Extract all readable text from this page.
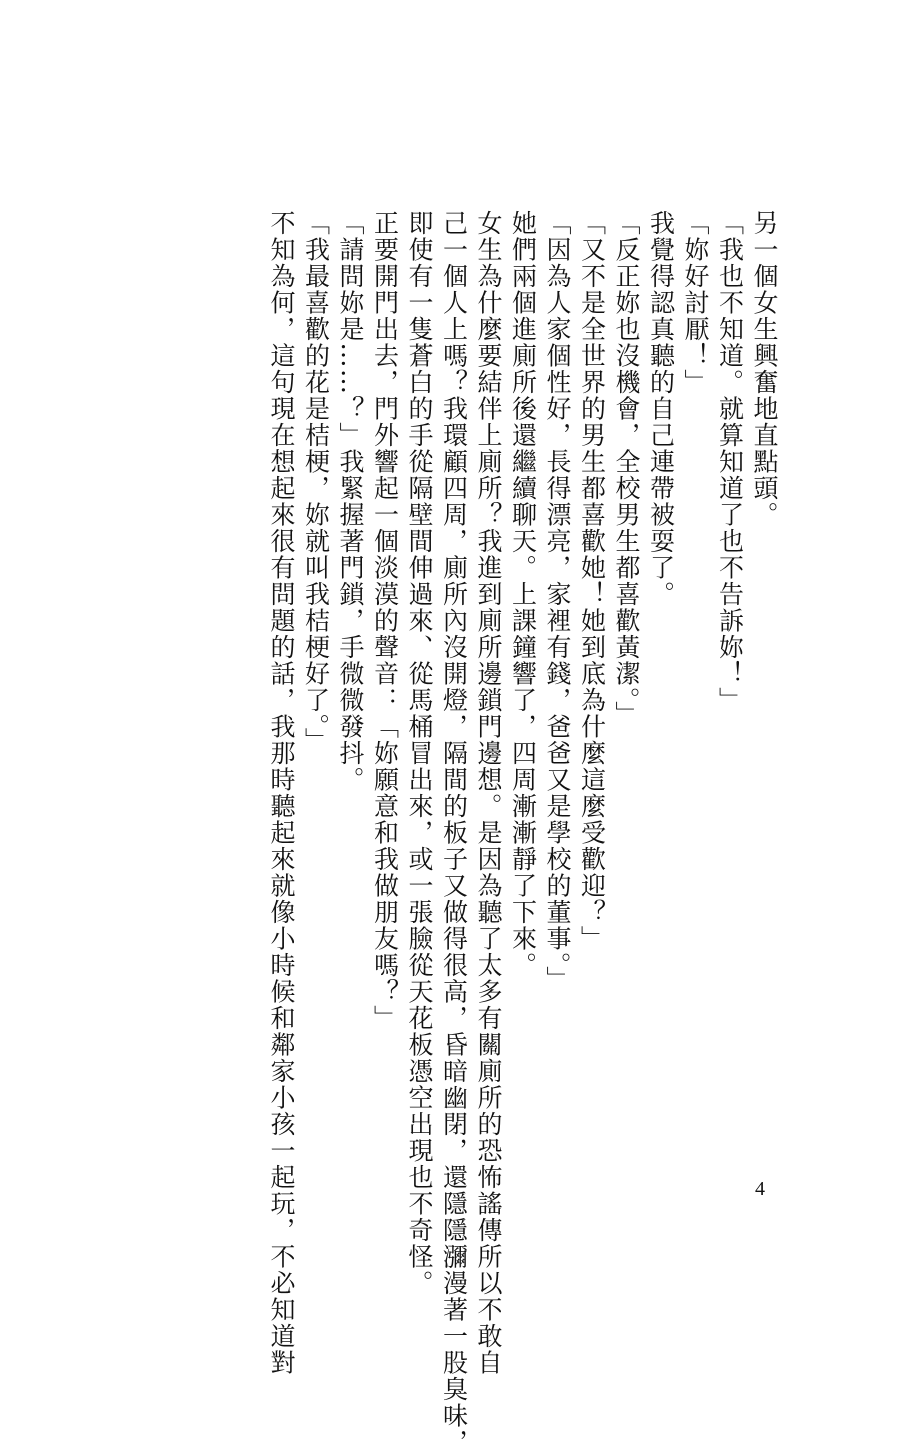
另一個女生興奮地直點頭。
「我也不知道。就算知道了也不告訴妳！」
「妳好討厭！」
我覺得認真聽的自己連帶被耍了。
「反正妳也沒機會，全校男生都喜歡黃潔。」
「又不是全世界的男生都喜歡她！她到底為什麼這麼受歡迎？」
「因為人家個性好，長得漂亮，家裡有錢，爸爸又是學校的董事。」
她們兩個進廁所後還繼續聊天。上課鐘響了，四周漸漸靜了下來。
女生為什麼要結伴上廁所？我進到廁所邊鎖門邊想。是因為聽了太多有關廁所的恐怖謠傳所以不敢自
己一個人上嗎？我環顧四周，廁所內沒開燈，隔間的板子又做得很高，昏暗幽閉，還隱隱瀰漫著一股臭味，
即使有一隻蒼白的手從隔壁間伸過來、從馬桶冒出來，或一張臉從天花板憑空出現也不奇怪。
正要開門出去，門外響起一個淡漠的聲音：「妳願意和我做朋友嗎？」
「請問妳是……？」我緊握著門鎖，手微微發抖。
「我最喜歡的花是桔梗，妳就叫我桔梗好了。」
不知為何，這句現在想起來很有問題的話，我那時聽起來就像小時候和鄰家小孩一起玩，不必知道對	4
